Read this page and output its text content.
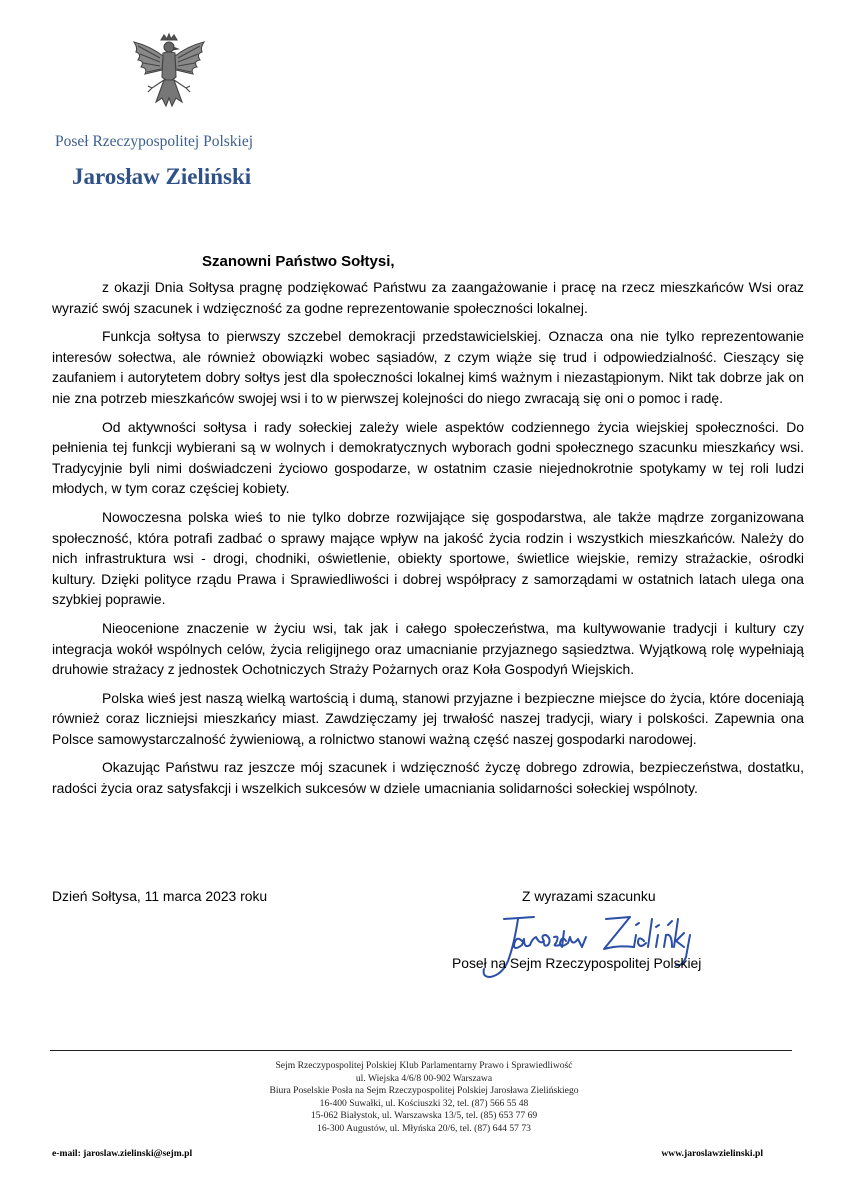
Poseł Rzeczypospolitej Polskiej
Jarosław Zieliński
Szanowni Państwo Sołtysi,

z okazji Dnia Sołtysa pragnę podziękować Państwu za zaangażowanie i pracę na rzecz mieszkańców Wsi oraz wyrazić swój szacunek i wdzięczność za godne reprezentowanie społeczności lokalnej.

Funkcja sołtysa to pierwszy szczebel demokracji przedstawicielskiej. Oznacza ona nie tylko reprezentowanie interesów sołectwa, ale również obowiązki wobec sąsiadów, z czym wiąże się trud i odpowiedzialność. Cieszący się zaufaniem i autorytetem dobry sołtys jest dla społeczności lokalnej kimś ważnym i niezastąpionym. Nikt tak dobrze jak on nie zna potrzeb mieszkańców swojej wsi i to w pierwszej kolejności do niego zwracają się oni o pomoc i radę.

Od aktywności sołtysa i rady sołeckiej zależy wiele aspektów codziennego życia wiejskiej społeczności. Do pełnienia tej funkcji wybierani są w wolnych i demokratycznych wyborach godni społecznego szacunku mieszkańcy wsi. Tradycyjnie byli nimi doświadczeni życiowo gospodarze, w ostatnim czasie niejednokrotnie spotykamy w tej roli ludzi młodych, w tym coraz częściej kobiety.

Nowoczesna polska wieś to nie tylko dobrze rozwijające się gospodarstwa, ale także mądrze zorganizowana społeczność, która potrafi zadbać o sprawy mające wpływ na jakość życia rodzin i wszystkich mieszkańców. Należy do nich infrastruktura wsi - drogi, chodniki, oświetlenie, obiekty sportowe, świetlice wiejskie, remizy strażackie, ośrodki kultury. Dzięki polityce rządu Prawa i Sprawiedliwości i dobrej współpracy z samorządami w ostatnich latach ulega ona szybkiej poprawie.

Nieocenione znaczenie w życiu wsi, tak jak i całego społeczeństwa, ma kultywowanie tradycji i kultury czy integracja wokół wspólnych celów, życia religijnego oraz umacnianie przyjaznego sąsiedztwa. Wyjątkową rolę wypełniają druhowie strażacy z jednostek Ochotniczych Straży Pożarnych oraz Koła Gospodyń Wiejskich.

Polska wieś jest naszą wielką wartością i dumą, stanowi przyjazne i bezpieczne miejsce do życia, które doceniają również coraz liczniejsi mieszkańcy miast. Zawdzięczamy jej trwałość naszej tradycji, wiary i polskości. Zapewnia ona Polsce samowystarczalność żywieniową, a rolnictwo stanowi ważną część naszej gospodarki narodowej.

Okazując Państwu raz jeszcze mój szacunek i wdzięczność życzę dobrego zdrowia, bezpieczeństwa, dostatku, radości życia oraz satysfakcji i wszelkich sukcesów w dziele umacniania solidarności sołeckiej wspólnoty.

Dzień Sołtysa, 11 marca 2023 roku	Z wyrazami szacunku
Poseł na Sejm Rzeczypospolitej Polskiej
Sejm Rzeczypospolitej Polskiej Klub Parlamentarny Prawo i Sprawiedliwość
ul. Wiejska 4/6/8 00-902 Warszawa
Biura Poselskie Posła na Sejm Rzeczypospolitej Polskiej Jarosława Zielińskiego
16-400 Suwałki, ul. Kościuszki 32, tel. (87) 566 55 48
15-062 Białystok, ul. Warszawska 13/5, tel. (85) 653 77 69
16-300 Augustów, ul. Młyńska 20/6, tel. (87) 644 57 73
e-mail: jaroslaw.zielinski@sejm.pl	www.jaroslawzielinski.pl
